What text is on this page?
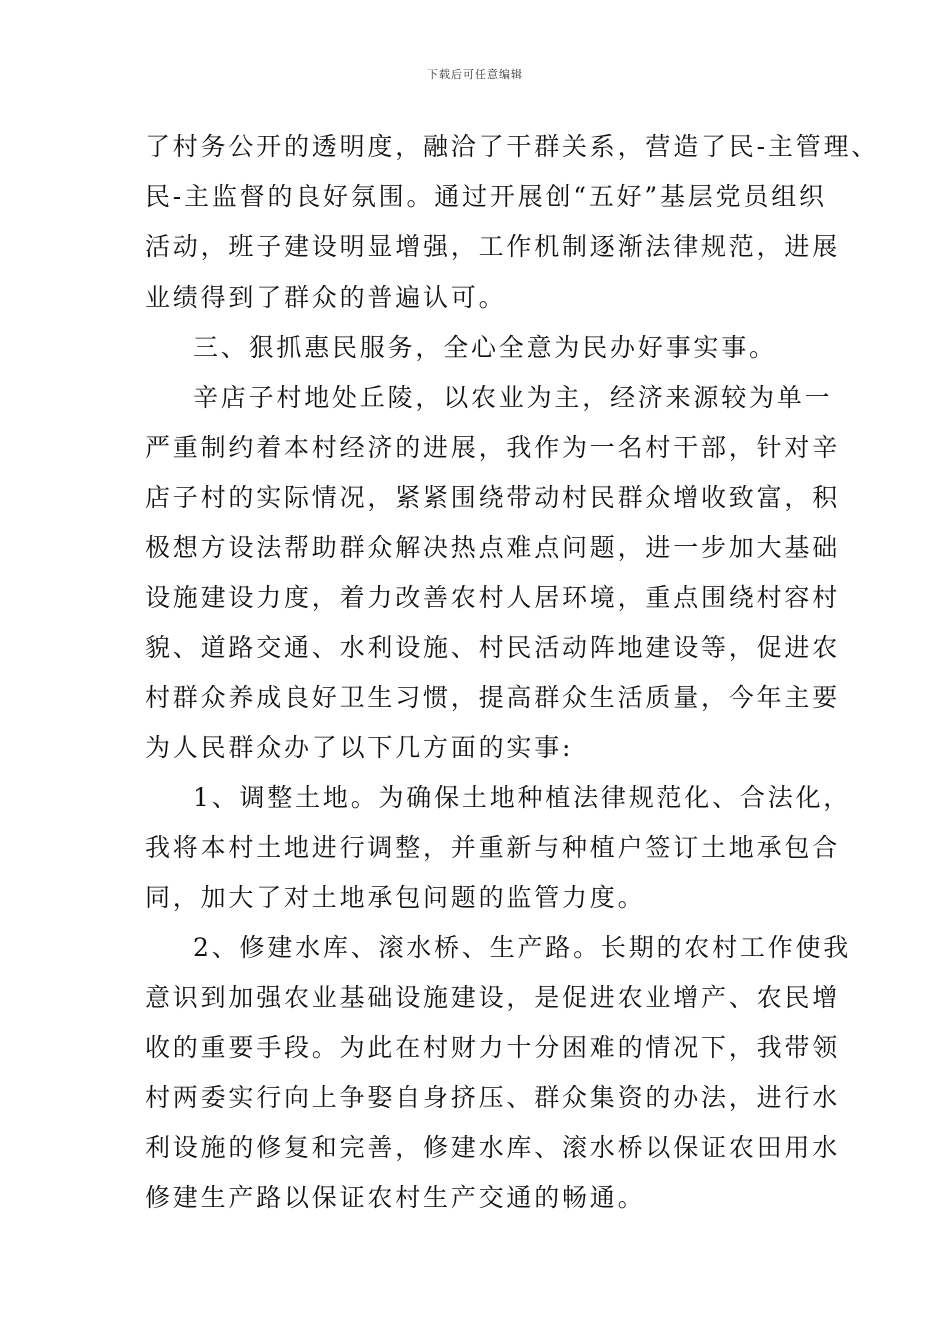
下载后可任意编辑
了村务公开的透明度，融洽了干群关系，营造了民-主管理、
民-主监督的良好氛围。通过开展创“五好”基层党员组织
活动，班子建设明显增强，工作机制逐渐法律规范，进展
业绩得到了群众的普遍认可。
三、狠抓惠民服务，全心全意为民办好事实事。
辛店子村地处丘陵，以农业为主，经济来源较为单一
严重制约着本村经济的进展，我作为一名村干部，针对辛
店子村的实际情况，紧紧围绕带动村民群众增收致富，积
极想方设法帮助群众解决热点难点问题，进一步加大基础
设施建设力度，着力改善农村人居环境，重点围绕村容村
貌、道路交通、水利设施、村民活动阵地建设等，促进农
村群众养成良好卫生习惯，提高群众生活质量，今年主要
为人民群众办了以下几方面的实事:
1、调整土地。为确保土地种植法律规范化、合法化，
我将本村土地进行调整，并重新与种植户签订土地承包合
同，加大了对土地承包问题的监管力度。
2、修建水库、滚水桥、生产路。长期的农村工作使我
意识到加强农业基础设施建设，是促进农业增产、农民增
收的重要手段。为此在村财力十分困难的情况下，我带领
村两委实行向上争娶自身挤压、群众集资的办法，进行水
利设施的修复和完善，修建水库、滚水桥以保证农田用水
修建生产路以保证农村生产交通的畅通。
